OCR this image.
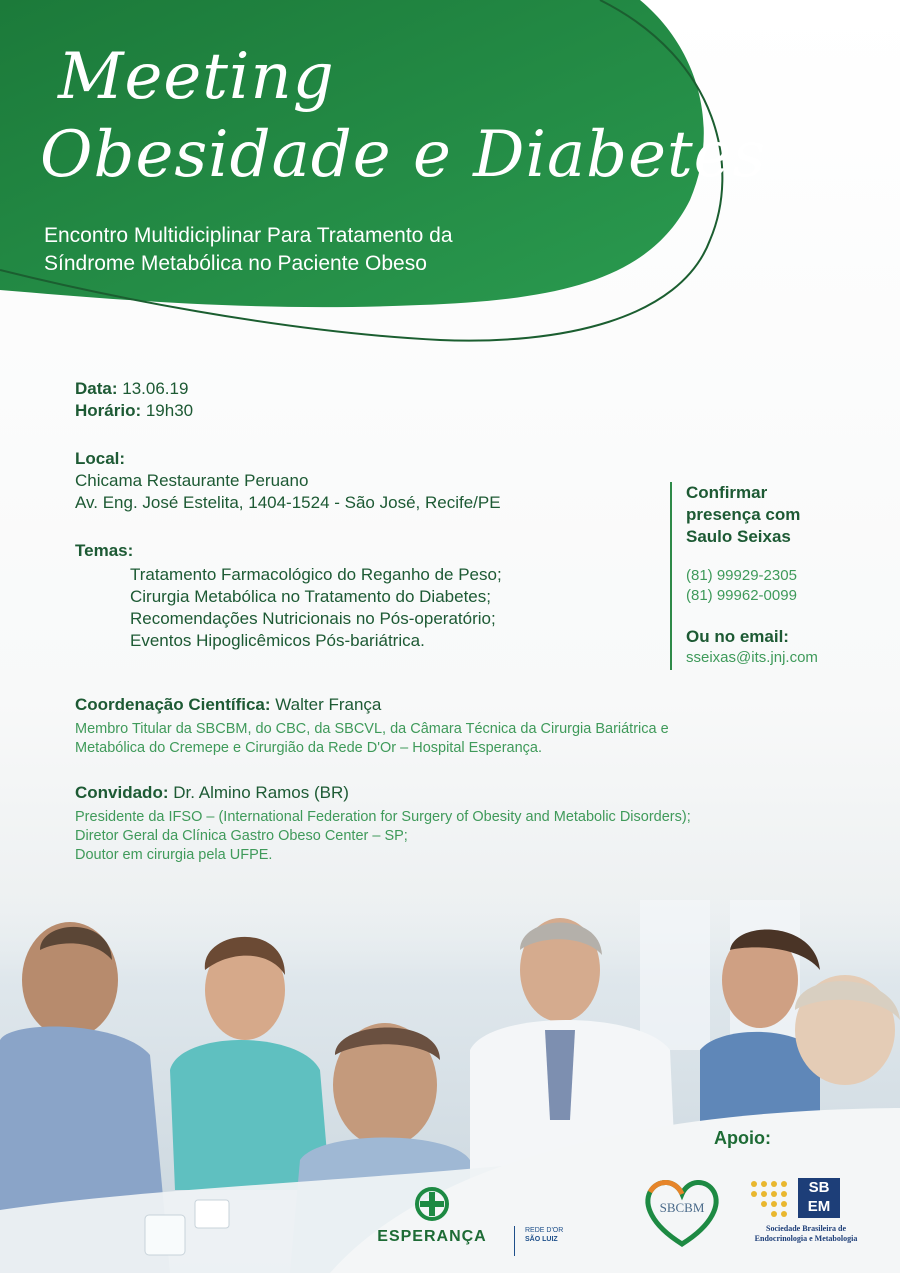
Meeting
Obesidade e Diabetes
Encontro Multidiciplinar Para Tratamento da
Síndrome Metabólica no Paciente Obeso
Data: 13.06.19
Horário: 19h30
Local:
Chicama Restaurante Peruano
Av. Eng. José Estelita, 1404-1524 - São José, Recife/PE
Temas:
Tratamento Farmacológico do Reganho de Peso;
Cirurgia Metabólica no Tratamento do Diabetes;
Recomendações Nutricionais no Pós-operatório;
Eventos Hipoglicêmicos Pós-bariátrica.
Confirmar
presença com
Saulo Seixas
(81) 99929-2305
(81) 99962-0099
Ou no email:
sseixas@its.jnj.com
Coordenação Científica: Walter França
Membro Titular da SBCBM, do CBC, da SBCVL, da Câmara Técnica da Cirurgia Bariátrica e
Metabólica do Cremepe e Cirurgião da Rede D'Or – Hospital Esperança.
Convidado: Dr. Almino Ramos (BR)
Presidente da IFSO – (International Federation for Surgery of Obesity and Metabolic Disorders);
Diretor Geral da Clínica Gastro Obeso Center – SP;
Doutor em cirurgia pela UFPE.
Apoio:
ESPERANÇA	REDE D'OR
SÃO LUIZ
SBCBM
SB
EM
Sociedade Brasileira de
Endocrinologia e Metabologia
